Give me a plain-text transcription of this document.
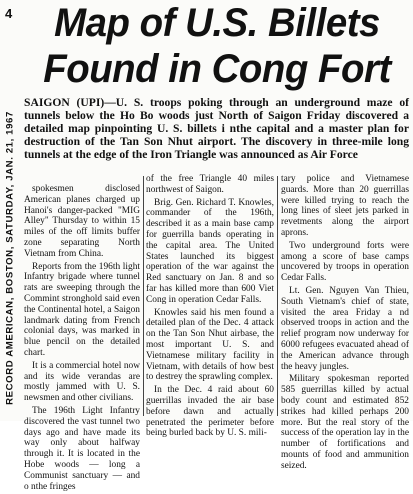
4
RECORD AMERICAN, BOSTON, SATURDAY, JAN. 21, 1967
Map of U.S. Billets
Found in Cong Fort
SAIGON (UPI)—U. S. troops poking through an underground maze of tunnels below the Ho Bo woods just North of Saigon Friday discovered a detailed map pinpointing U. S. billets i nthe capital and a master plan for destruction of the Tan Son Nhut airport. The discovery in three-mile long tunnels at the edge of the Iron Triangle was announced as Air Force

spokesmen disclosed American planes charged up Hanoi's danger-packed "MIG Alley" Thursday to within 15 miles of the off limits buffer zone separating North Vietnam from China.

Reports from the 196th light Infantry brigade where tunnel rats are sweeping through the Commint stronghold said even the Continental hotel, a Saigon landmark dating from French colonial days, was marked in blue pencil on the detailed chart.

It is a commercial hotel now and its wide verandas are mostly jammed with U. S. newsmen and other civilians.

The 196th Light Infantry discovered the vast tunnel two days ago and have made its way only about halfway through it. It is located in the Hobe woods — long a Communist sanctuary — and o nthe fringes

of the free Triangle 40 miles northwest of Saigon.

Brig. Gen. Richard T. Knowles, commander of the 196th, described it as a main base camp for guerrilla bands operating in the capital area. The United States launched its biggest operation of the war against the Red sanctuary on Jan. 8 and so far has killed more than 600 Viet Cong in operation Cedar Falls.

Knowles said his men found a detailed plan of the Dec. 4 attack on the Tan Son Nhut airbase, the most important U. S. and Vietnamese military facility in Vietnam, with details of how best to destrey the sprawling complex.

In the Dec. 4 raid about 60 guerrillas invaded the air base before dawn and actually penetrated the perimeter before being burled back by U. S. mili-

tary police and Vietnamese guards. More than 20 guerrillas were killed trying to reach the long lines of sleet jets parked in revetments along the airport aprons.

Two underground forts were among a score of base camps uncovered by troops in operation Cedar Falls.

Lt. Gen. Nguyen Van Thieu, South Vietnam's chief of state, visited the area Friday a nd observed troops in action and the relief program now underway for 6000 refugees evacuated ahead of the American advance through the heavy jungles.

Military spokesman reported 585 guerrillas killed by actual body count and estimated 852 strikes had killed perhaps 200 more. But the real story of the success of the operation lay in the number of fortifications and mounts of food and ammunition seized.
